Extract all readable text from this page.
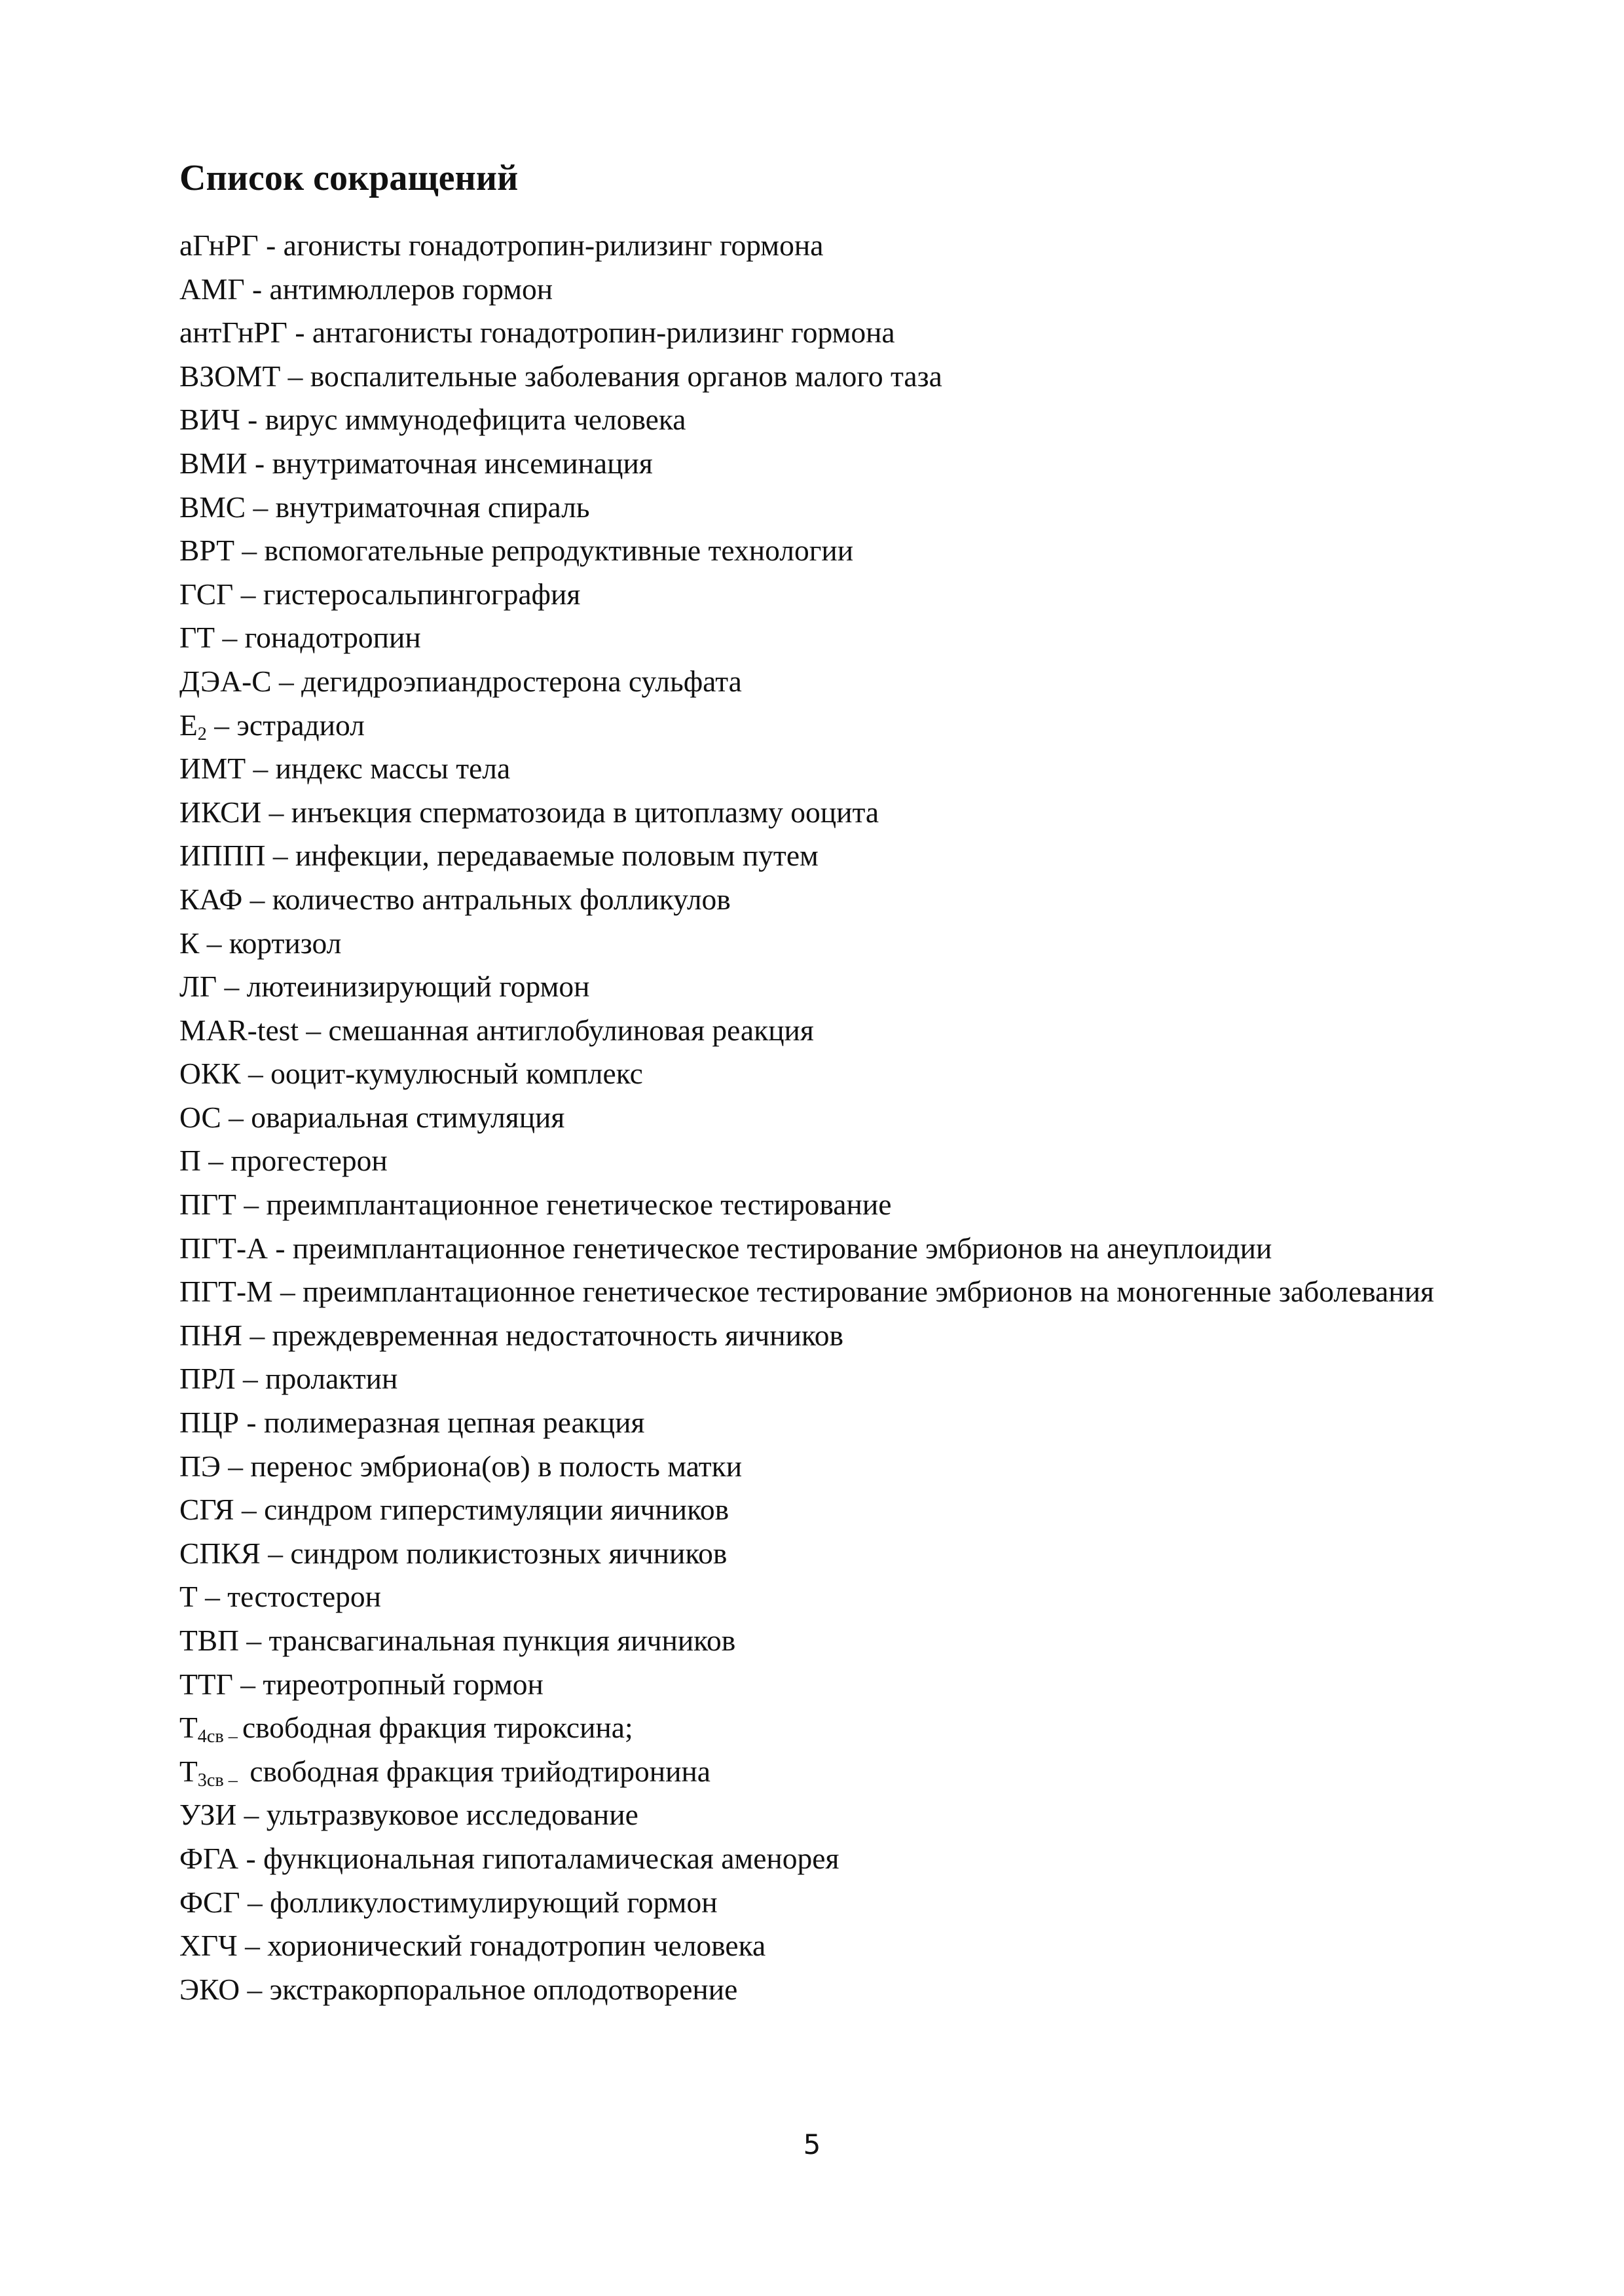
Список сокращений
аГнРГ - агонисты гонадотропин-рилизинг гормона
АМГ - антимюллеров гормон
антГнРГ - антагонисты гонадотропин-рилизинг гормона
ВЗОМТ – воспалительные заболевания органов малого таза
ВИЧ - вирус иммунодефицита человека
ВМИ - внутриматочная инсеминация
ВМС – внутриматочная спираль
ВРТ – вспомогательные репродуктивные технологии
ГСГ – гистеросальпингография
ГТ – гонадотропин
ДЭА-С – дегидроэпиандростерона сульфата
$Е_2$ – эстрадиол
ИМТ – индекс массы тела
ИКСИ – инъекция сперматозоида в цитоплазму ооцита
ИППП – инфекции, передаваемые половым путем
КАФ – количество антральных фолликулов
К – кортизол
ЛГ – лютеинизирующий гормон
MAR-test – смешанная антиглобулиновая реакция
ОКК – ооцит-кумулюсный комплекс
ОС – овариальная стимуляция
П – прогестерон
ПГТ – преимплантационное генетическое тестирование
ПГТ-А - преимплантационное генетическое тестирование эмбрионов на анеуплоидии
ПГТ-М – преимплантационное генетическое тестирование эмбрионов на моногенные заболевания
ПНЯ – преждевременная недостаточность яичников
ПРЛ – пролактин
ПЦР - полимеразная цепная реакция
ПЭ – перенос эмбриона(ов) в полость матки
СГЯ – синдром гиперстимуляции яичников
СПКЯ – синдром поликистозных яичников
Т – тестостерон
ТВП – трансвагинальная пункция яичников
ТТГ – тиреотропный гормон
$Т_{4св -}$ свободная фракция тироксина;
$Т_{3св -}$  свободная фракция трийодтиронина
УЗИ – ультразвуковое исследование
ФГА - функциональная гипоталамическая аменорея
ФСГ – фолликулостимулирующий гормон
ХГЧ – хорионический гонадотропин человека
ЭКО – экстракорпоральное оплодотворение
5
